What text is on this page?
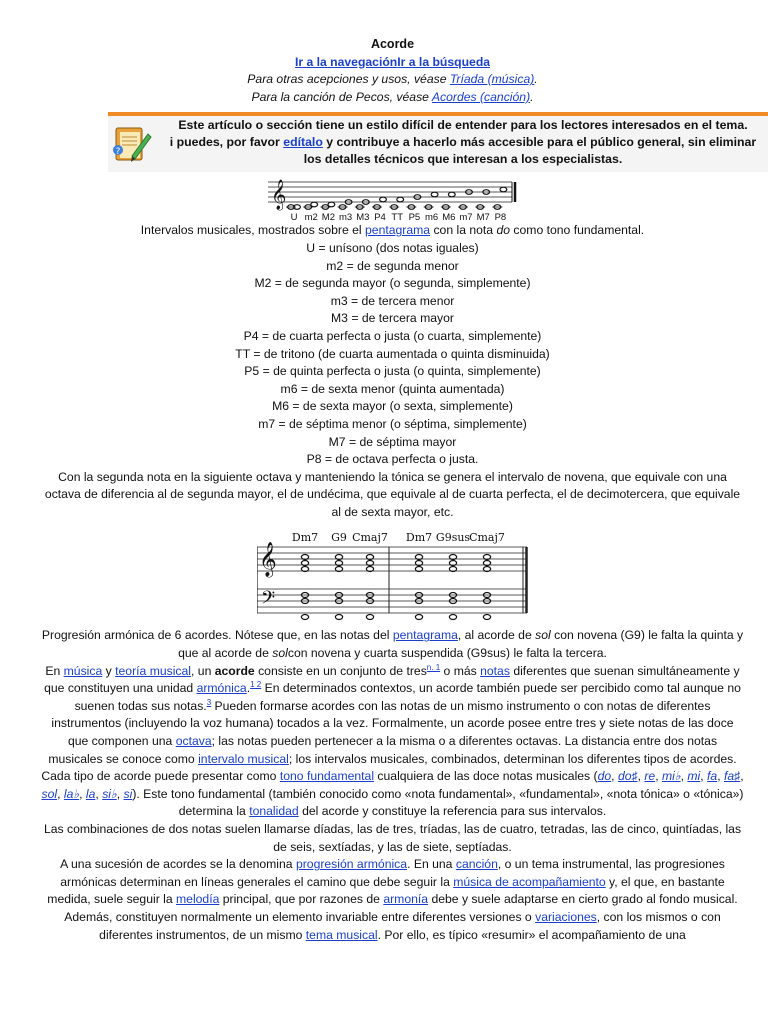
Acorde

Ir a la navegaciónIr a la búsqueda

Para otras acepciones y usos, véase Tríada (música).

Para la canción de Pecos, véase Acordes (canción).

?
Este artículo o sección tiene un estilo difícil de entender para los lectores interesados en el tema.
i puedes, por favor edítalo y contribuye a hacerlo más accesible para el público general, sin eliminar
los detalles técnicos que interesan a los especialistas.
𝄞
U m2 M2 m3 M3 P4 TT P5 m6 M6 m7 M7 P8

Intervalos musicales, mostrados sobre el pentagrama con la nota do como tono fundamental.

U = unísono (dos notas iguales)

m2 = de segunda menor

M2 = de segunda mayor (o segunda, simplemente)

m3 = de tercera menor

M3 = de tercera mayor

P4 = de cuarta perfecta o justa (o cuarta, simplemente)

TT = de tritono (de cuarta aumentada o quinta disminuida)

P5 = de quinta perfecta o justa (o quinta, simplemente)

m6 = de sexta menor (quinta aumentada)

M6 = de sexta mayor (o sexta, simplemente)

m7 = de séptima menor (o séptima, simplemente)

M7 = de séptima mayor

P8 = de octava perfecta o justa.

Con la segunda nota en la siguiente octava y manteniendo la tónica se genera el intervalo de novena, que equivale con una octava de diferencia al de segunda mayor, el de undécima, que equivale al de cuarta perfecta, el de decimotercera, que equivale al de sexta mayor, etc.

𝄞
𝄢
Dm7 G9 Cmaj7 Dm7 G9sus Cmaj7

Progresión armónica de 6 acordes. Nótese que, en las notas del pentagrama, al acorde de sol con novena (G9) le falta la quinta y que al acorde de solcon novena y cuarta suspendida (G9sus) le falta la tercera.

En música y teoría musical, un acorde consiste en un conjunto de tres$^{n. 1}$ o más notas diferentes que suenan simultáneamente y que constituyen una unidad armónica.$^{1 2}$ En determinados contextos, un acorde también puede ser percibido como tal aunque no suenen todas sus notas.$^3$ Pueden formarse acordes con las notas de un mismo instrumento o con notas de diferentes instrumentos (incluyendo la voz humana) tocados a la vez. Formalmente, un acorde posee entre tres y siete notas de las doce que componen una octava; las notas pueden pertenecer a la misma o a diferentes octavas. La distancia entre dos notas musicales se conoce como intervalo musical; los intervalos musicales, combinados, determinan los diferentes tipos de acordes. Cada tipo de acorde puede presentar como tono fundamental cualquiera de las doce notas musicales (do, do♯, re, mi♭, mi, fa, fa♯, sol, la♭, la, si♭, si). Este tono fundamental (también conocido como «nota fundamental», «fundamental», «nota tónica» o «tónica») determina la tonalidad del acorde y constituye la referencia para sus intervalos.

Las combinaciones de dos notas suelen llamarse díadas, las de tres, tríadas, las de cuatro, tetradas, las de cinco, quintíadas, las de seis, sextíadas, y las de siete, septíadas.

A una sucesión de acordes se la denomina progresión armónica. En una canción, o un tema instrumental, las progresiones armónicas determinan en líneas generales el camino que debe seguir la música de acompañamiento y, el que, en bastante medida, suele seguir la melodía principal, que por razones de armonía debe y suele adaptarse en cierto grado al fondo musical. Además, constituyen normalmente un elemento invariable entre diferentes versiones o variaciones, con los mismos o con diferentes instrumentos, de un mismo tema musical. Por ello, es típico «resumir» el acompañamiento de una
